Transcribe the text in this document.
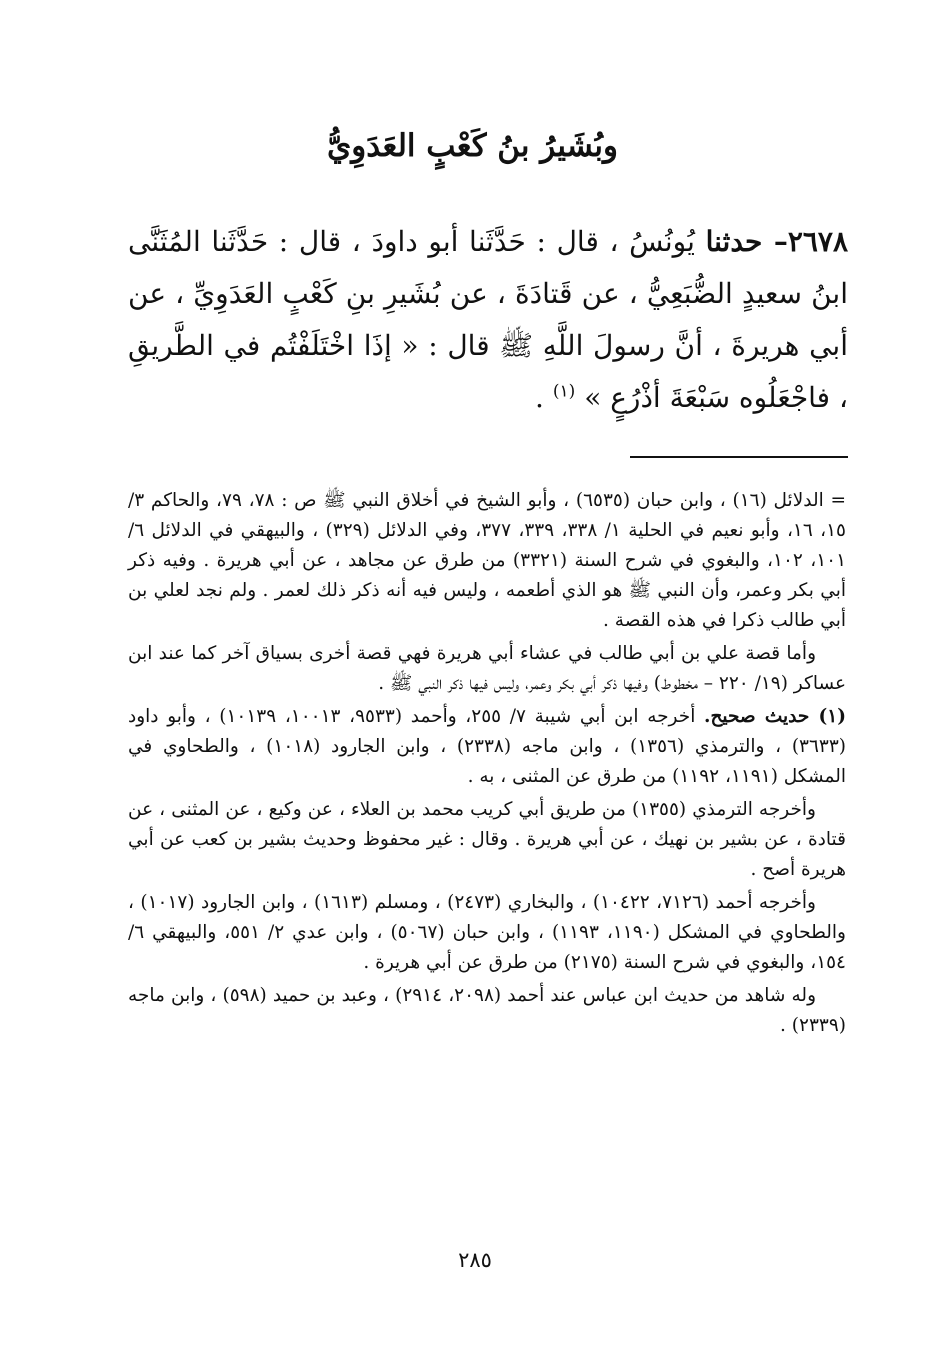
وبُشَيرُ بنُ كَعْبٍ العَدَوِيُّ
٢٦٧٨– حدثنا يُونُسُ ، قال : حَدَّثَنا أبو داودَ ، قال : حَدَّثَنا المُثَنَّى ابنُ سعيدٍ الضُّبَعِيُّ ، عن قَتادَةَ ، عن بُشَيرِ بنِ كَعْبٍ العَدَوِيِّ ، عن أبي هريرةَ ، أنَّ رسولَ اللَّهِ ﷺ قال : « إذَا اخْتَلَفْتُم في الطَّريقِ ، فاجْعَلُوه سَبْعَةَ أذْرُعٍ » $^{(١)}$ .

= الدلائل (١٦) ، وابن حبان (٦٥٣٥) ، وأبو الشيخ في أخلاق النبي ﷺ ص : ٧٨، ٧٩، والحاكم ٣/ ١٥، ١٦، وأبو نعيم في الحلية ١/ ٣٣٨، ٣٣٩، ٣٧٧، وفي الدلائل (٣٢٩) ، والبيهقي في الدلائل ٦/ ١٠١، ١٠٢، والبغوي في شرح السنة (٣٣٢١) من طرق عن مجاهد ، عن أبي هريرة . وفيه ذكر أبي بكر وعمر، وأن النبي ﷺ هو الذي أطعمه ، وليس فيه أنه ذكر ذلك لعمر . ولم نجد لعلي بن أبي طالب ذكرا في هذه القصة .

وأما قصة علي بن أبي طالب في عشاء أبي هريرة فهي قصة أخرى بسياق آخر كما عند ابن عساكر (١٩/ ٢٢٠ – مخطوط) وفيها ذكر أبي بكر وعمر، وليس فيها ذكر النبي ﷺ .

(١) حديث صحيح. أخرجه ابن أبي شيبة ٧/ ٢٥٥، وأحمد (٩٥٣٣، ١٠٠١٣، ١٠١٣٩) ، وأبو داود (٣٦٣٣) ، والترمذي (١٣٥٦) ، وابن ماجه (٢٣٣٨) ، وابن الجارود (١٠١٨) ، والطحاوي في المشكل (١١٩١، ١١٩٢) من طرق عن المثنى ، به .

وأخرجه الترمذي (١٣٥٥) من طريق أبي كريب محمد بن العلاء ، عن وكيع ، عن المثنى ، عن قتادة ، عن بشير بن نهيك ، عن أبي هريرة . وقال : غير محفوظ وحديث بشير بن كعب عن أبي هريرة أصح .

وأخرجه أحمد (٧١٢٦، ١٠٤٢٢) ، والبخاري (٢٤٧٣) ، ومسلم (١٦١٣) ، وابن الجارود (١٠١٧) ، والطحاوي في المشكل (١١٩٠، ١١٩٣) ، وابن حبان (٥٠٦٧) ، وابن عدي ٢/ ٥٥١، والبيهقي ٦/ ١٥٤، والبغوي في شرح السنة (٢١٧٥) من طرق عن أبي هريرة .

وله شاهد من حديث ابن عباس عند أحمد (٢٠٩٨، ٢٩١٤) ، وعبد بن حميد (٥٩٨) ، وابن ماجه (٢٣٣٩) .

٢٨٥
